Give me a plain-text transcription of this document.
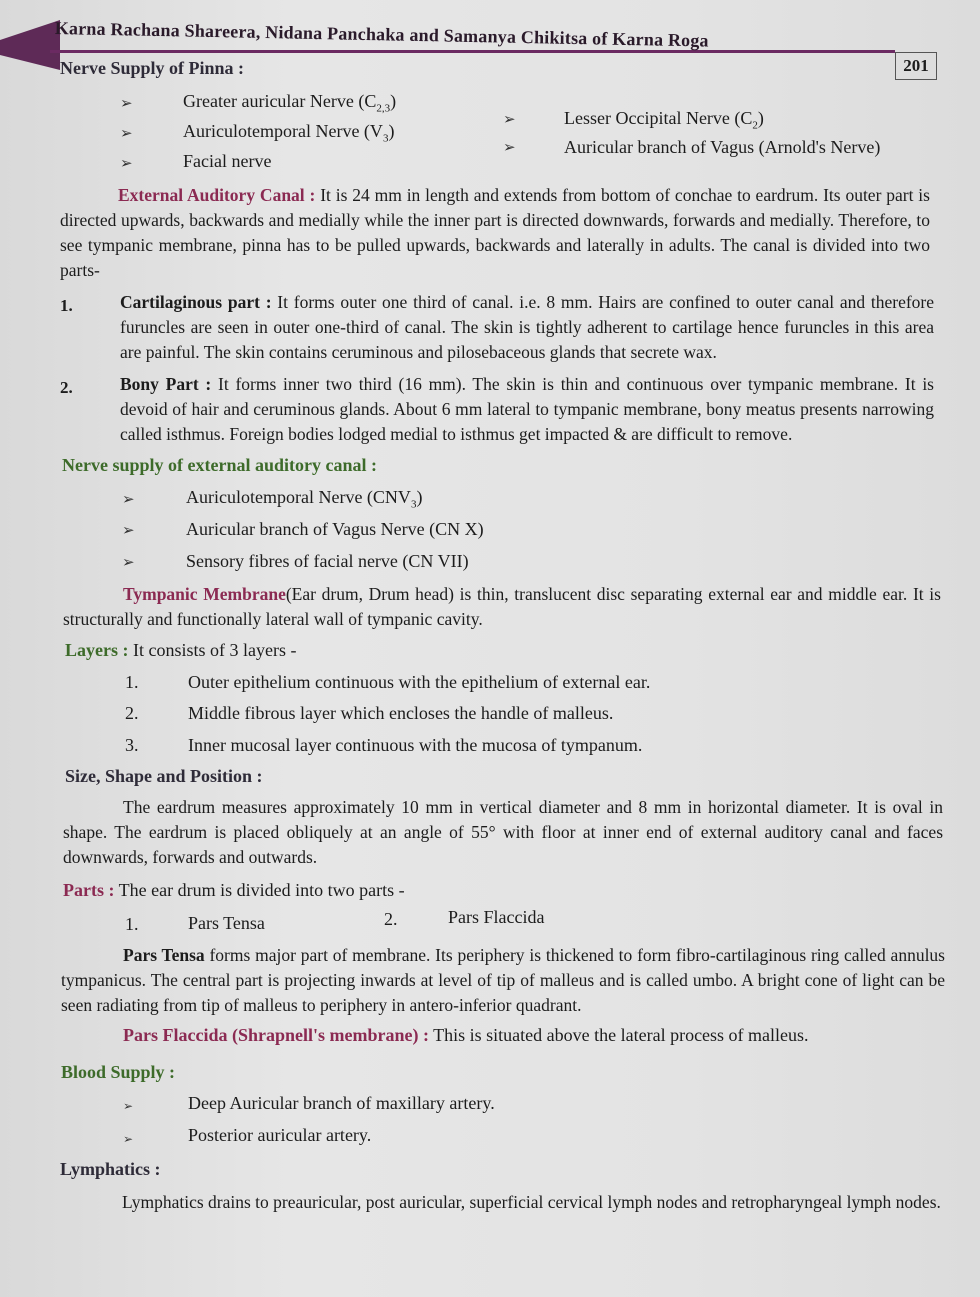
Karna Rachana Shareera, Nidana Panchaka and Samanya Chikitsa of Karna Roga
201
Nerve Supply of Pinna :
➢	Greater auricular Nerve $(C_{2,3})$
➢	Auriculotemporal Nerve $(V_3)$
➢	Facial nerve
➢	Lesser Occipital Nerve $(C_2)$
➢	Auricular branch of Vagus (Arnold's Nerve)
External Auditory Canal : It is 24 mm in length and extends from bottom of conchae to eardrum. Its outer part is directed upwards, backwards and medially while the inner part is directed downwards, forwards and medially. Therefore, to see tympanic membrane, pinna has to be pulled upwards, backwards and laterally in adults. The canal is divided into two parts-
1.	Cartilaginous part : It forms outer one third of canal. i.e. 8 mm. Hairs are confined to outer canal and therefore furuncles are seen in outer one-third of canal. The skin is tightly adherent to cartilage hence furuncles in this area are painful. The skin contains ceruminous and pilosebaceous glands that secrete wax.
2.	Bony Part : It forms inner two third (16 mm). The skin is thin and continuous over tympanic membrane. It is devoid of hair and ceruminous glands. About 6 mm lateral to tympanic membrane, bony meatus presents narrowing called isthmus. Foreign bodies lodged medial to isthmus get impacted & are difficult to remove.
Nerve supply of external auditory canal :
➢	Auriculotemporal Nerve $(CNV_3)$
➢	Auricular branch of Vagus Nerve (CN X)
➢	Sensory fibres of facial nerve (CN VII)
Tympanic Membrane(Ear drum, Drum head) is thin, translucent disc separating external ear and middle ear. It is structurally and functionally lateral wall of tympanic cavity.
Layers : It consists of 3 layers -
1.	Outer epithelium continuous with the epithelium of external ear.
2.	Middle fibrous layer which encloses the handle of malleus.
3.	Inner mucosal layer continuous with the mucosa of tympanum.
Size, Shape and Position :
The eardrum measures approximately 10 mm in vertical diameter and 8 mm in horizontal diameter. It is oval in shape. The eardrum is placed obliquely at an angle of 55° with floor at inner end of external auditory canal and faces downwards, forwards and outwards.
Parts : The ear drum is divided into two parts -
1.	Pars Tensa	2.	Pars Flaccida
Pars Tensa forms major part of membrane. Its periphery is thickened to form fibro-cartilaginous ring called annulus tympanicus. The central part is projecting inwards at level of tip of malleus and is called umbo. A bright cone of light can be seen radiating from tip of malleus to periphery in antero-inferior quadrant.
Pars Flaccida (Shrapnell's membrane) : This is situated above the lateral process of malleus.
Blood Supply :
➢	Deep Auricular branch of maxillary artery.
➢	Posterior auricular artery.
Lymphatics :
Lymphatics drains to preauricular, post auricular, superficial cervical lymph nodes and retropharyngeal lymph nodes.
